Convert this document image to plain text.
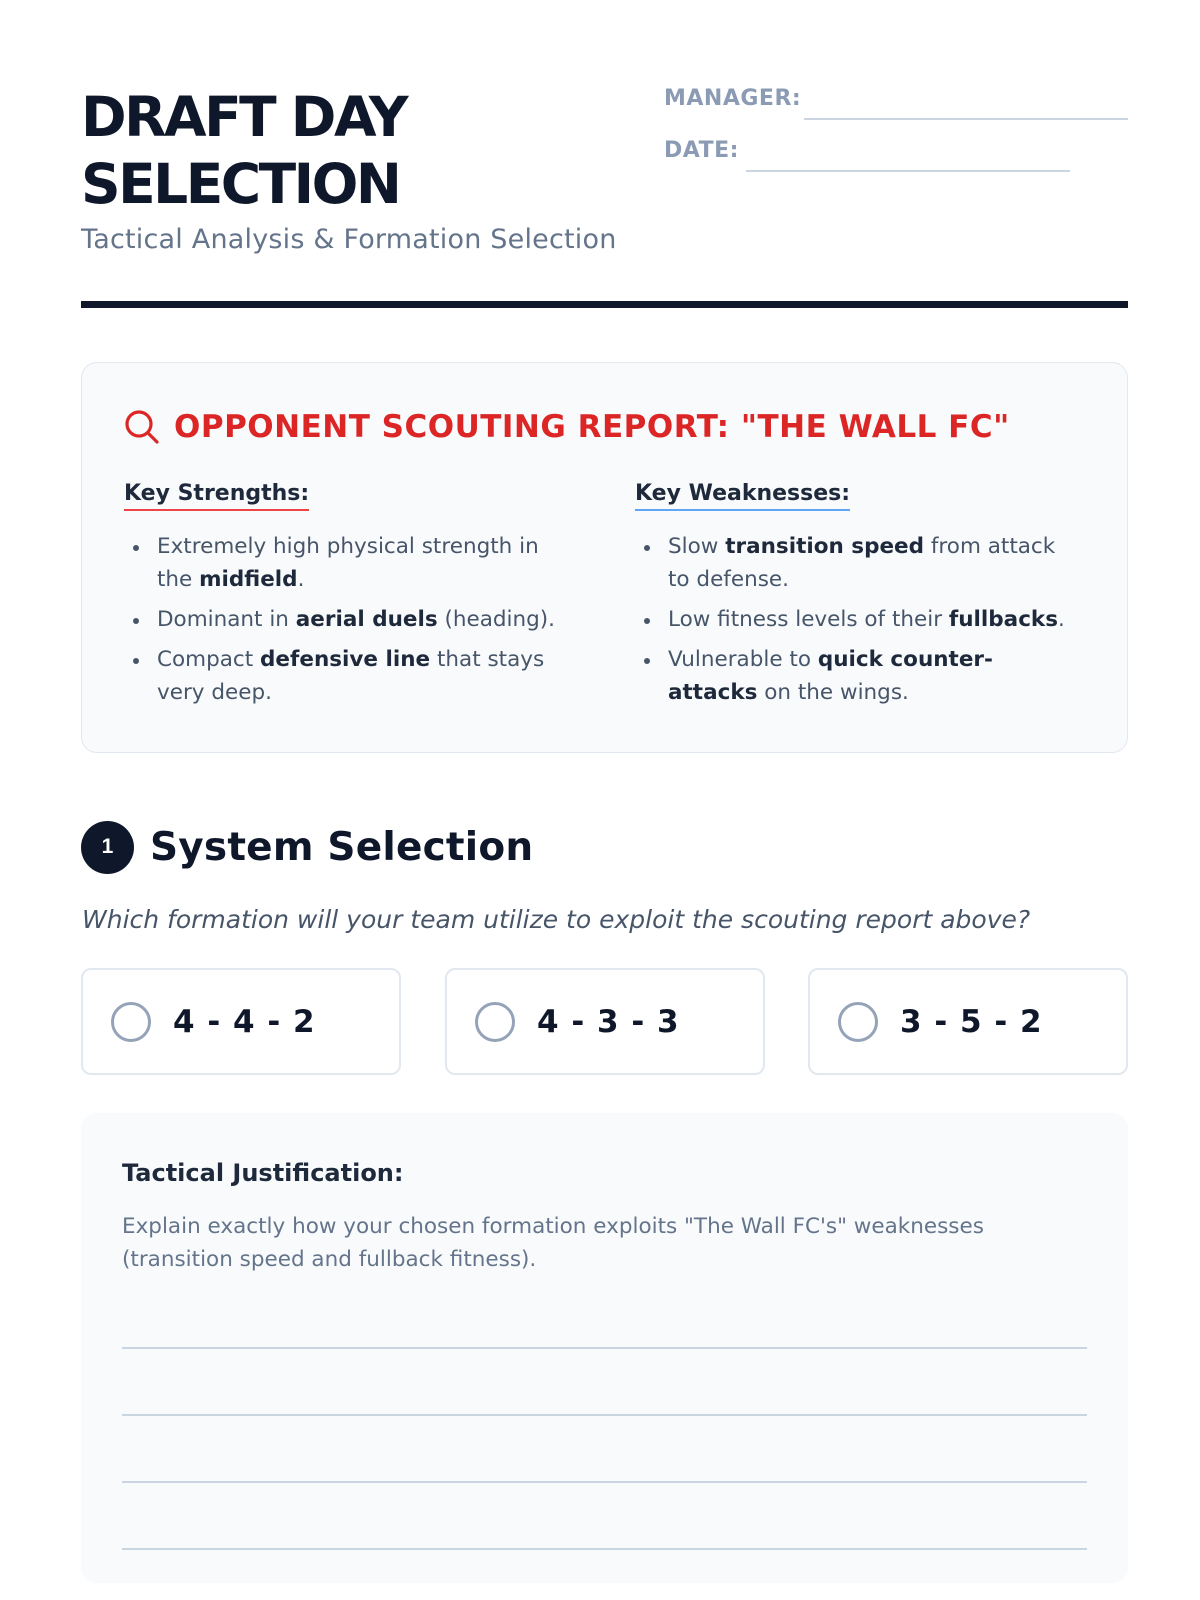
DRAFT DAY
SELECTION
Tactical Analysis & Formation Selection
MANAGER:
DATE:
OPPONENT SCOUTING REPORT: "THE WALL FC"
Key Strengths:
Extremely high physical strength in the midfield.
Dominant in aerial duels (heading).
Compact defensive line that stays very deep.
Key Weaknesses:
Slow transition speed from attack to defense.
Low fitness levels of their fullbacks.
Vulnerable to quick counter-attacks on the wings.
1 System Selection
Which formation will your team utilize to exploit the scouting report above?
4 - 4 - 2	4 - 3 - 3	3 - 5 - 2
Tactical Justification:

Explain exactly how your chosen formation exploits "The Wall FC's" weaknesses (transition speed and fullback fitness).
